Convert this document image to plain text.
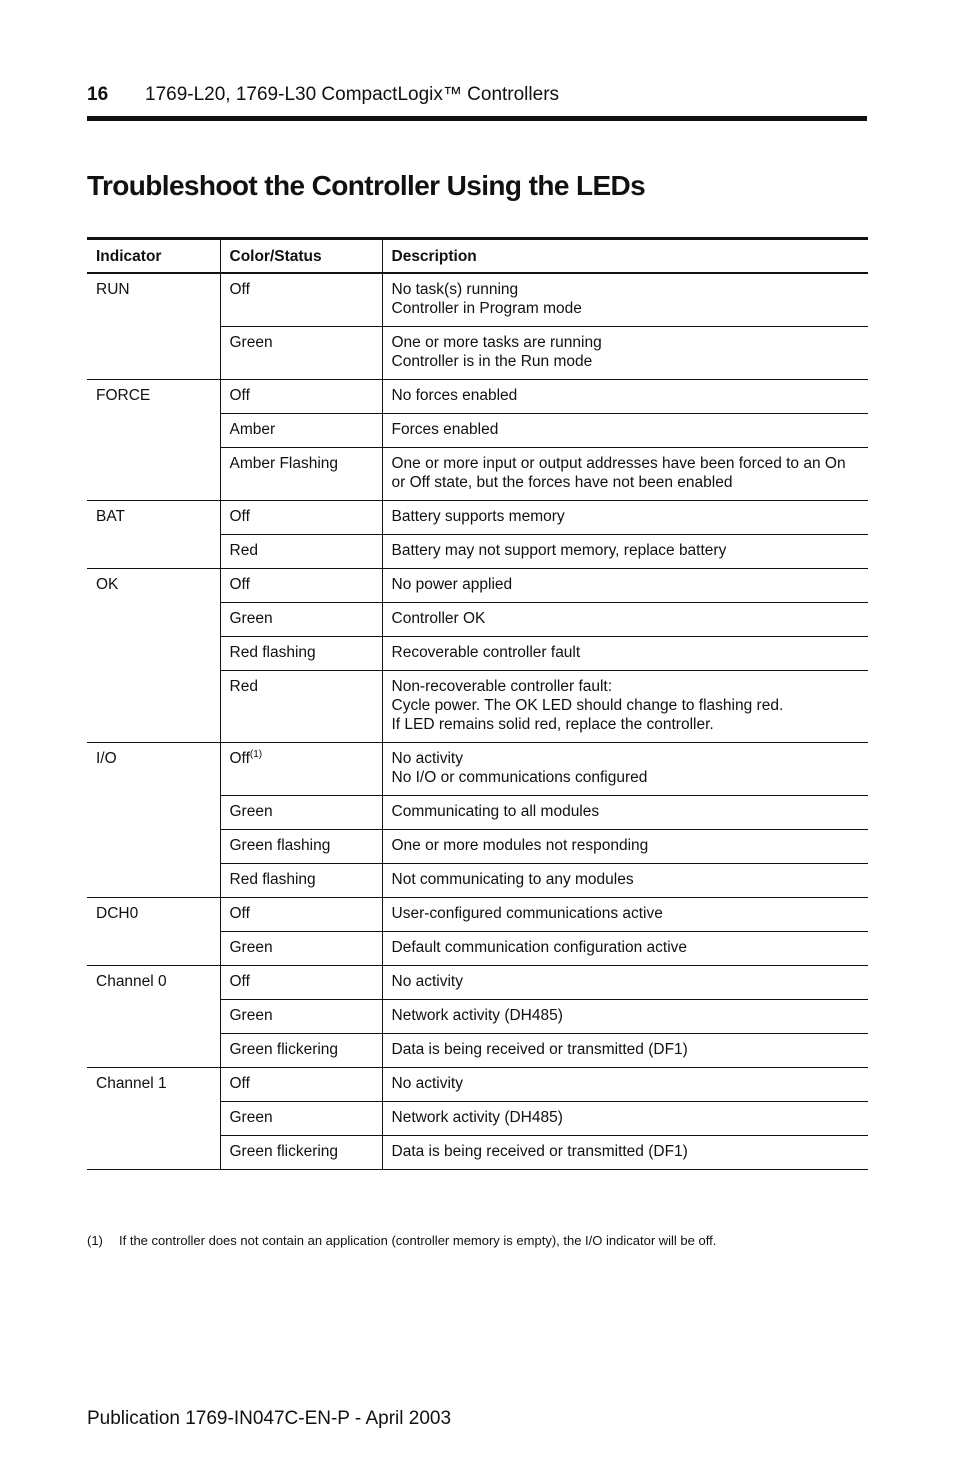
16 1769-L20, 1769-L30 CompactLogix™ Controllers
Troubleshoot the Controller Using the LEDs
Indicator	Color/Status	Description
RUN	Off	No task(s) running
Controller in Program mode

	Green	One or more tasks are running
Controller is in the Run mode

FORCE	Off	No forces enabled

	Amber	Forces enabled

	Amber Flashing	One or more input or output addresses have been forced to an On
or Off state, but the forces have not been enabled

BAT	Off	Battery supports memory

	Red	Battery may not support memory, replace battery

OK	Off	No power applied

	Green	Controller OK

	Red flashing	Recoverable controller fault

	Red	Non-recoverable controller fault:
Cycle power. The OK LED should change to flashing red.
If LED remains solid red, replace the controller.

I/O	Off$^{(1)}$	No activity
No I/O or communications configured

	Green	Communicating to all modules

	Green flashing	One or more modules not responding

	Red flashing	Not communicating to any modules

DCH0	Off	User-configured communications active

	Green	Default communication configuration active

Channel 0	Off	No activity

	Green	Network activity (DH485)

	Green flickering	Data is being received or transmitted (DF1)

Channel 1	Off	No activity

	Green	Network activity (DH485)

	Green flickering	Data is being received or transmitted (DF1)
(1) If the controller does not contain an application (controller memory is empty), the I/O indicator will be off.
Publication 1769-IN047C-EN-P - April 2003
